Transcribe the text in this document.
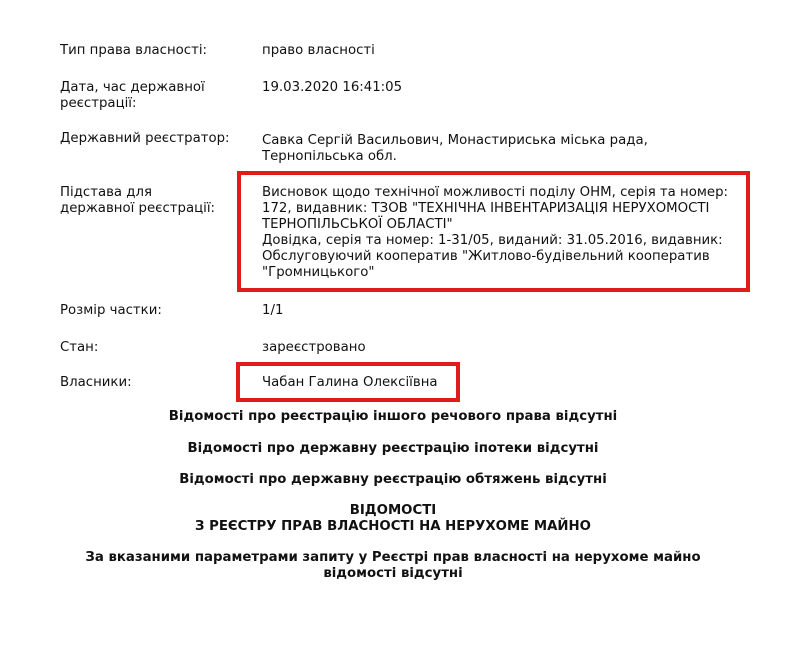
Тип права власності:	право власності
Дата, час державної
реєстрації:
19.03.2020 16:41:05
Державний реєстратор:	Савка Сергій Васильович, Монастириська міська рада,
Тернопільська обл.
Підстава для
державної реєстрації:
Висновок щодо технічної можливості поділу ОНМ, серія та номер:
172, видавник: ТЗОВ "ТЕХНІЧНА ІНВЕНТАРИЗАЦІЯ НЕРУХОМОСТІ
ТЕРНОПІЛЬСЬКОЇ ОБЛАСТІ"
Довідка, серія та номер: 1-31/05, виданий: 31.05.2016, видавник:
Обслуговуючий кооператив "Житлово-будівельний кооператив
"Громницького"
Розмір частки:	1/1
Стан:	зареєстровано
Власники:	Чабан Галина Олексіївна
Відомості про реєстрацію іншого речового права відсутні
Відомості про державну реєстрацію іпотеки відсутні
Відомості про державну реєстрацію обтяжень відсутні
ВІДОМОСТІ
З РЕЄСТРУ ПРАВ ВЛАСНОСТІ НА НЕРУХОМЕ МАЙНО
За вказаними параметрами запиту у Реєстрі прав власності на нерухоме майно
відомості відсутні
